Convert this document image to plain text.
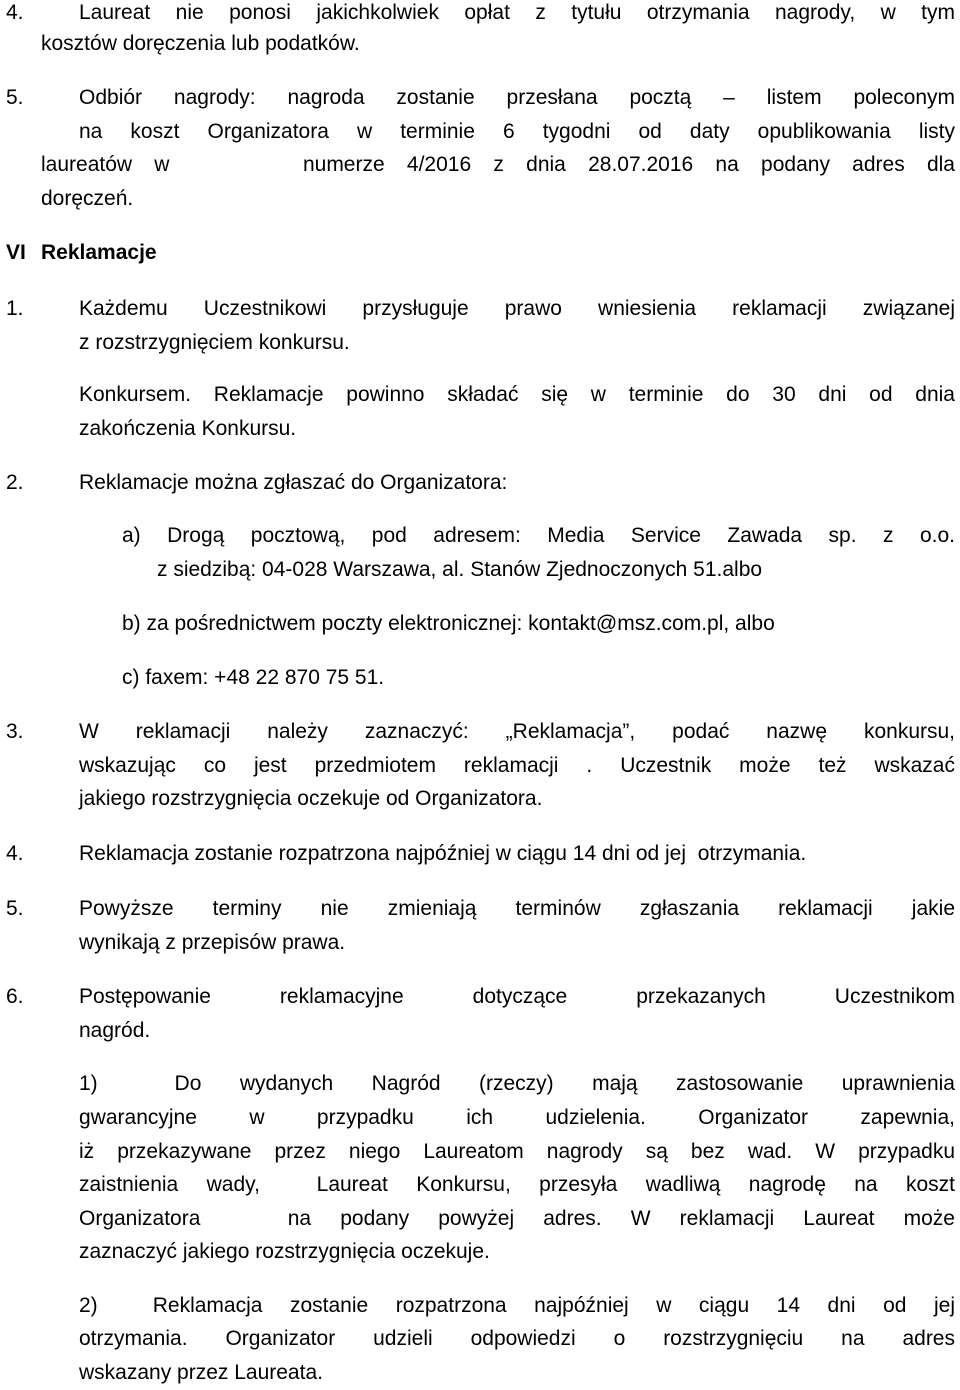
4.	Laureat nie ponosi jakichkolwiek opłat z tytułu otrzymania nagrody, w tym
kosztów doręczenia lub podatków.
5.	Odbiór nagrody: nagroda zostanie przesłana pocztą – listem poleconym
na koszt Organizatora w terminie 6 tygodni od daty opublikowania listy
laureatów w      numerze 4/2016 z dnia 28.07.2016 na podany adres dla
doręczeń.
VI Reklamacje
1.	Każdemu Uczestnikowi przysługuje prawo wniesienia reklamacji związanej
z rozstrzygnięciem konkursu.
Konkursem. Reklamacje powinno składać się w terminie do 30 dni od dnia
zakończenia Konkursu.
2.	Reklamacje można zgłaszać do Organizatora:
a) Drogą pocztową, pod adresem: Media Service Zawada sp. z o.o.
z siedzibą: 04-028 Warszawa, al. Stanów Zjednoczonych 51.albo
b) za pośrednictwem poczty elektronicznej: kontakt@msz.com.pl, albo
c) faxem: +48 22 870 75 51.
3.	W reklamacji należy zaznaczyć: „Reklamacja”, podać nazwę konkursu,
wskazując co jest przedmiotem reklamacji . Uczestnik może też wskazać
jakiego rozstrzygnięcia oczekuje od Organizatora.
4.	Reklamacja zostanie rozpatrzona najpóźniej w ciągu 14 dni od jej  otrzymania.
5.	Powyższe terminy nie zmieniają terminów zgłaszania reklamacji jakie
wynikają z przepisów prawa.
6.	Postępowanie reklamacyjne dotyczące przekazanych Uczestnikom
nagród.
1)  Do wydanych Nagród (rzeczy) mają zastosowanie uprawnienia
gwarancyjne w przypadku ich udzielenia. Organizator zapewnia,
iż przekazywane przez niego Laureatom nagrody są bez wad. W przypadku
zaistnienia wady,  Laureat Konkursu, przesyła wadliwą nagrodę na koszt
Organizatora   na podany powyżej adres. W reklamacji Laureat może
zaznaczyć jakiego rozstrzygnięcia oczekuje.
2)  Reklamacja zostanie rozpatrzona najpóźniej w ciągu 14 dni od jej
otrzymania. Organizator udzieli odpowiedzi o rozstrzygnięciu na adres
wskazany przez Laureata.
